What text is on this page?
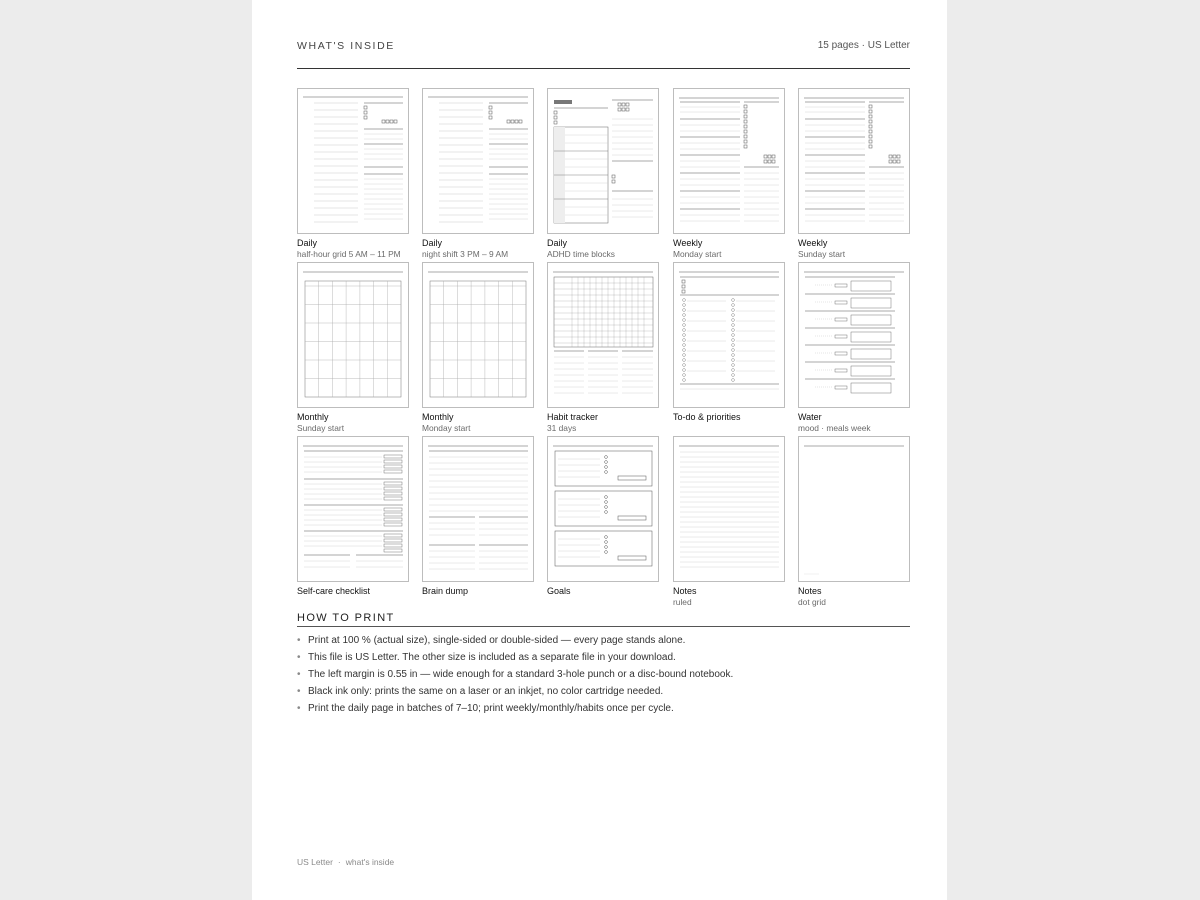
WHAT'S INSIDE	15 pages · US Letter
Daily
half-hour grid 5 AM – 11 PM
Daily
night shift 3 PM – 9 AM
Daily
ADHD time blocks
Weekly
Monday start
Weekly
Sunday start
Monthly
Sunday start
Monthly
Monday start
Habit tracker
31 days
To-do & priorities	Water
mood · meals week
Self-care checklist	Brain dump	Goals	Notes
ruled
Notes
dot grid
HOW TO PRINT
• Print at 100 % (actual size), single-sided or double-sided — every page stands alone.
• This file is US Letter. The other size is included as a separate file in your download.
• The left margin is 0.55 in — wide enough for a standard 3-hole punch or a disc-bound notebook.
• Black ink only: prints the same on a laser or an inkjet, no color cartridge needed.
• Print the daily page in batches of 7–10; print weekly/monthly/habits once per cycle.
US Letter · what's inside
